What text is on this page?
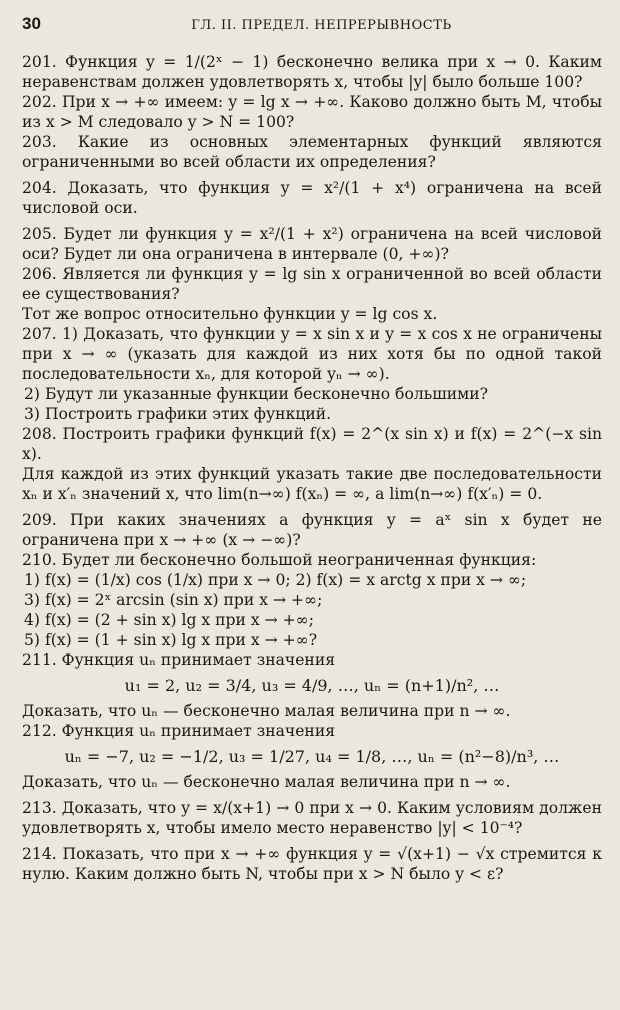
30	ГЛ. II. ПРЕДЕЛ. НЕПРЕРЫВНОСТЬ

201. Функция y = 1/(2ˣ − 1) бесконечно велика при x → 0. Каким неравенствам должен удовлетворять x, чтобы |y| было больше 100?

202. При x → +∞ имеем: y = lg x → +∞. Каково должно быть M, чтобы из x > M следовало y > N = 100?

203. Какие из основных элементарных функций являются ограниченными во всей области их определения?

204. Доказать, что функция y = x²/(1 + x⁴) ограничена на всей числовой оси.

205. Будет ли функция y = x²/(1 + x²) ограничена на всей числовой оси? Будет ли она ограничена в интервале (0, +∞)?

206. Является ли функция y = lg sin x ограниченной во всей области ее существования?

Тот же вопрос относительно функции y = lg cos x.

207. 1) Доказать, что функции y = x sin x и y = x cos x не ограничены при x → ∞ (указать для каждой из них хотя бы по одной такой последовательности xₙ, для которой yₙ → ∞).

2) Будут ли указанные функции бесконечно большими?

3) Построить графики этих функций.

208. Построить графики функций f(x) = 2^(x sin x) и f(x) = 2^(−x sin x).

Для каждой из этих функций указать такие две последовательности xₙ и x′ₙ значений x, что lim(n→∞) f(xₙ) = ∞, а lim(n→∞) f(x′ₙ) = 0.

209. При каких значениях a функция y = aˣ sin x будет не ограничена при x → +∞ (x → −∞)?

210. Будет ли бесконечно большой неограниченная функция:

1) f(x) = (1/x) cos (1/x) при x → 0; 2) f(x) = x arctg x при x → ∞;

3) f(x) = 2ˣ arcsin (sin x) при x → +∞;

4) f(x) = (2 + sin x) lg x при x → +∞;

5) f(x) = (1 + sin x) lg x при x → +∞?

211. Функция uₙ принимает значения

u₁ = 2, u₂ = 3/4, u₃ = 4/9, …, uₙ = (n+1)/n², …

Доказать, что uₙ — бесконечно малая величина при n → ∞.

212. Функция uₙ принимает значения

uₙ = −7, u₂ = −1/2, u₃ = 1/27, u₄ = 1/8, …, uₙ = (n²−8)/n³, …

Доказать, что uₙ — бесконечно малая величина при n → ∞.

213. Доказать, что y = x/(x+1) → 0 при x → 0. Каким условиям должен удовлетворять x, чтобы имело место неравенство |y| < 10⁻⁴?

214. Показать, что при x → +∞ функция y = √(x+1) − √x стремится к нулю. Каким должно быть N, чтобы при x > N было y < ε?
